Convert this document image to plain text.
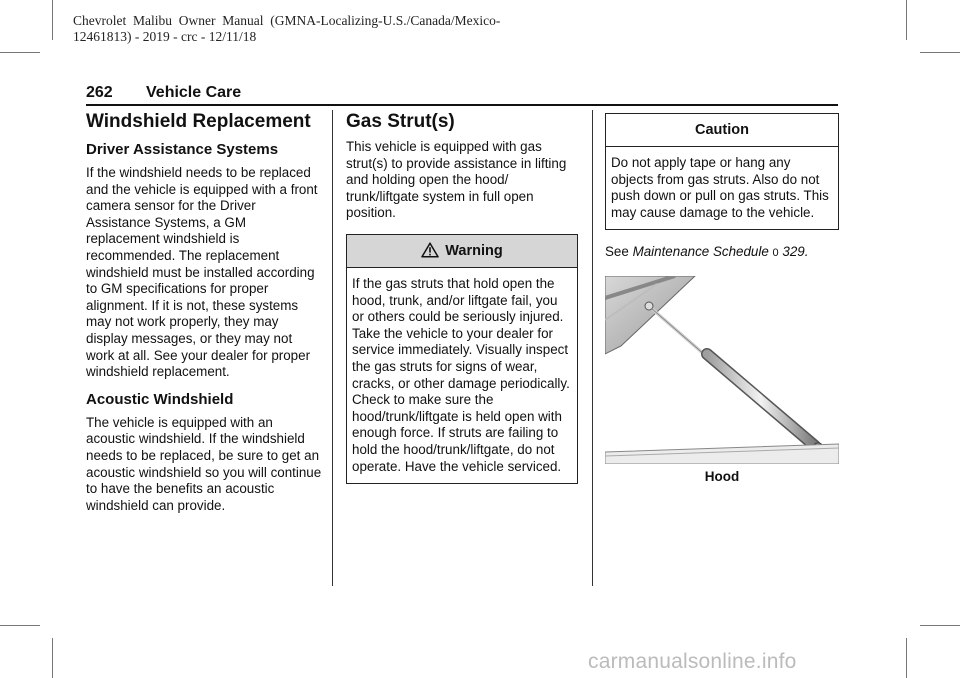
Chevrolet  Malibu  Owner  Manual  (GMNA-Localizing-U.S./Canada/Mexico-
12461813) - 2019 - crc - 12/11/18
262 Vehicle Care
Windshield Replacement
Driver Assistance Systems

If the windshield needs to be replaced and the vehicle is equipped with a front camera sensor for the Driver Assistance Systems, a GM replacement windshield is recommended. The replacement windshield must be installed according to GM specifications for proper alignment. If it is not, these systems may not work properly, they may display messages, or they may not work at all. See your dealer for proper windshield replacement.

Acoustic Windshield

The vehicle is equipped with an acoustic windshield. If the windshield needs to be replaced, be sure to get an acoustic windshield so you will continue to have the benefits an acoustic windshield can provide.

Gas Strut(s)

This vehicle is equipped with gas strut(s) to provide assistance in lifting and holding open the hood/ trunk/liftgate system in full open position.

Warning
If the gas struts that hold open the hood, trunk, and/or liftgate fail, you or others could be seriously injured. Take the vehicle to your dealer for service immediately. Visually inspect the gas struts for signs of wear, cracks, or other damage periodically. Check to make sure the hood/trunk/liftgate is held open with enough force. If struts are failing to hold the hood/trunk/liftgate, do not operate. Have the vehicle serviced.
Caution
Do not apply tape or hang any objects from gas struts. Also do not push down or pull on gas struts. This may cause damage to the vehicle.

See Maintenance Schedule 0 329.

Hood
carmanualsonline.info
